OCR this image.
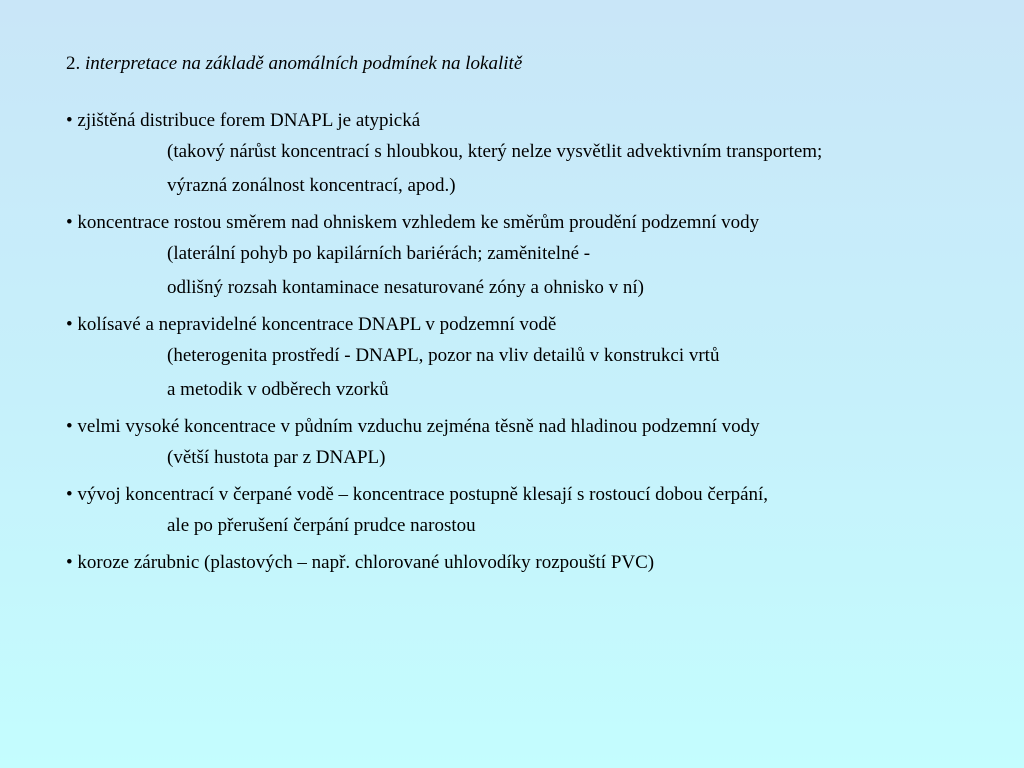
2. interpretace na základě anomálních podmínek na lokalitě
• zjištěná distribuce forem DNAPL je atypická
(takový nárůst koncentrací s hloubkou, který nelze vysvětlit advektivním transportem;
výrazná zonálnost koncentrací, apod.)
• koncentrace rostou směrem nad ohniskem vzhledem ke směrům proudění podzemní vody
(laterální pohyb po kapilárních bariérách; zaměnitelné -
odlišný rozsah kontaminace nesaturované zóny a ohnisko v ní)
• kolísavé a nepravidelné koncentrace DNAPL v podzemní vodě
(heterogenita prostředí - DNAPL, pozor na vliv detailů v konstrukci vrtů
a metodik v odběrech vzorků
• velmi vysoké koncentrace v půdním vzduchu zejména těsně nad hladinou podzemní vody
(větší hustota par z DNAPL)
• vývoj koncentrací v čerpané vodě – koncentrace postupně klesají s rostoucí dobou čerpání,
ale po přerušení čerpání prudce narostou
• koroze zárubnic (plastových – např. chlorované uhlovodíky rozpouští PVC)
